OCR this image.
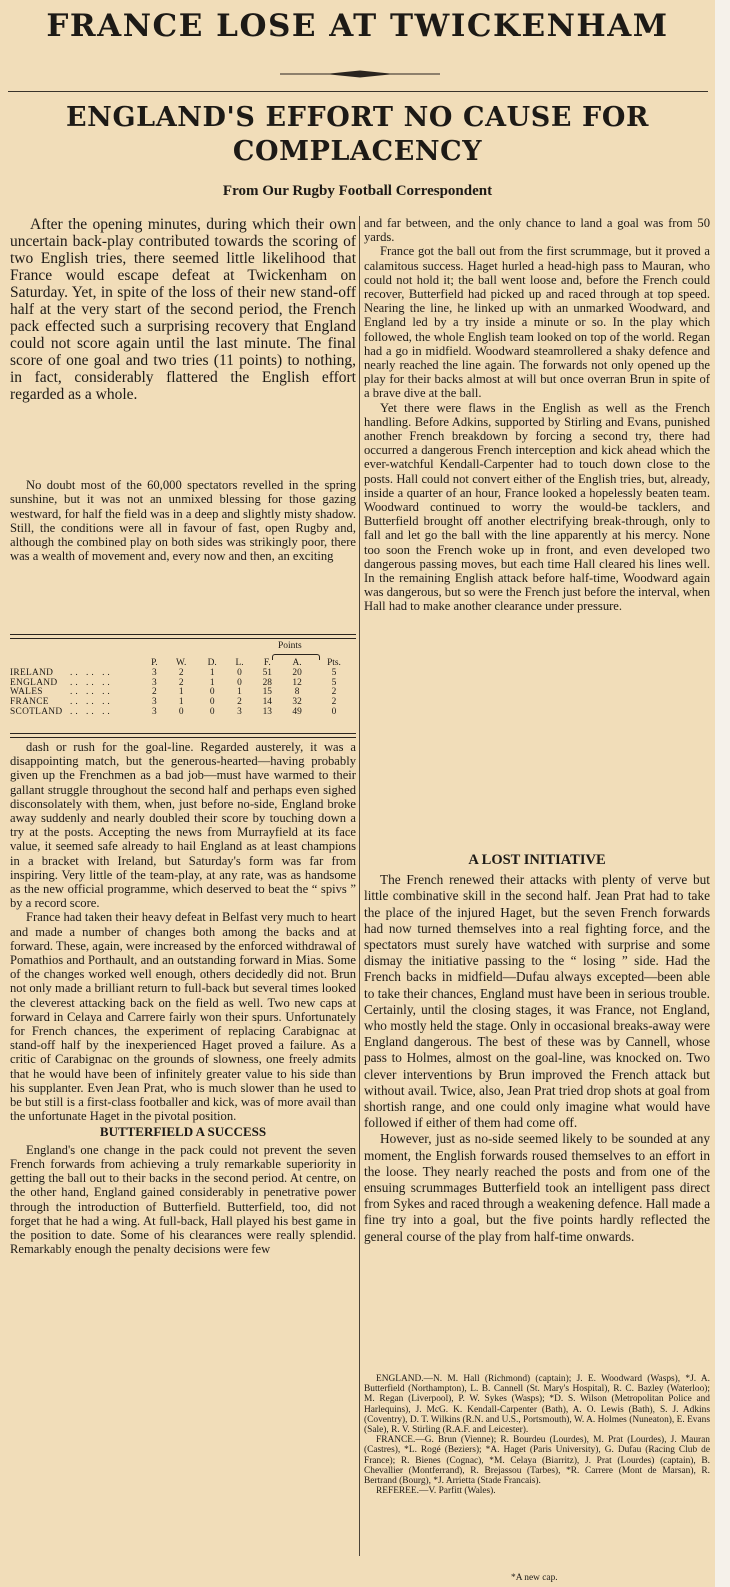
FRANCE LOSE AT TWICKENHAM
ENGLAND'S EFFORT NO CAUSE FOR
COMPLACENCY
From Our Rugby Football Correspondent

After the opening minutes, during which their own uncertain back-play contributed towards the scoring of two English tries, there seemed little likelihood that France would escape defeat at Twickenham on Saturday. Yet, in spite of the loss of their new stand-off half at the very start of the second period, the French pack effected such a surprising recovery that England could not score again until the last minute. The final score of one goal and two tries (11 points) to nothing, in fact, considerably flattered the English effort regarded as a whole.

No doubt most of the 60,000 spectators revelled in the spring sunshine, but it was not an unmixed blessing for those gazing westward, for half the field was in a deep and slightly misty shadow. Still, the conditions were all in favour of fast, open Rugby and, although the combined play on both sides was strikingly poor, there was a wealth of movement and, every now and then, an exciting

Points
		P.	W.	D.	L.	F.	A.	Pts.
IRELAND	.. .. ..	3	2	1	0	51	20	5
ENGLAND	.. .. ..	3	2	1	0	28	12	5
WALES	.. .. ..	2	1	0	1	15	8	2
FRANCE	.. .. ..	3	1	0	2	14	32	2
SCOTLAND	.. .. ..	3	0	0	3	13	49	0

dash or rush for the goal-line. Regarded austerely, it was a disappointing match, but the generous-hearted—having probably given up the Frenchmen as a bad job—must have warmed to their gallant struggle throughout the second half and perhaps even sighed disconsolately with them, when, just before no-side, England broke away suddenly and nearly doubled their score by touching down a try at the posts. Accepting the news from Murrayfield at its face value, it seemed safe already to hail England as at least champions in a bracket with Ireland, but Saturday's form was far from inspiring. Very little of the team-play, at any rate, was as handsome as the new official programme, which deserved to beat the “ spivs ” by a record score.

France had taken their heavy defeat in Belfast very much to heart and made a number of changes both among the backs and at forward. These, again, were increased by the enforced withdrawal of Pomathios and Porthault, and an outstanding forward in Mias. Some of the changes worked well enough, others decidedly did not. Brun not only made a brilliant return to full-back but several times looked the cleverest attacking back on the field as well. Two new caps at forward in Celaya and Carrere fairly won their spurs. Unfortunately for French chances, the experiment of replacing Carabignac at stand-off half by the inexperienced Haget proved a failure. As a critic of Carabignac on the grounds of slowness, one freely admits that he would have been of infinitely greater value to his side than his supplanter. Even Jean Prat, who is much slower than he used to be but still is a first-class footballer and kick, was of more avail than the unfortunate Haget in the pivotal position.

BUTTERFIELD A SUCCESS

England's one change in the pack could not prevent the seven French forwards from achieving a truly remarkable superiority in getting the ball out to their backs in the second period. At centre, on the other hand, England gained considerably in penetrative power through the introduction of Butterfield. Butterfield, too, did not forget that he had a wing. At full-back, Hall played his best game in the position to date. Some of his clearances were really splendid. Remarkably enough the penalty decisions were few

and far between, and the only chance to land a goal was from 50 yards.

France got the ball out from the first scrummage, but it proved a calamitous success. Haget hurled a head-high pass to Mauran, who could not hold it; the ball went loose and, before the French could recover, Butterfield had picked up and raced through at top speed. Nearing the line, he linked up with an unmarked Woodward, and England led by a try inside a minute or so. In the play which followed, the whole English team looked on top of the world. Regan had a go in midfield. Woodward steamrollered a shaky defence and nearly reached the line again. The forwards not only opened up the play for their backs almost at will but once overran Brun in spite of a brave dive at the ball.

Yet there were flaws in the English as well as the French handling. Before Adkins, supported by Stirling and Evans, punished another French breakdown by forcing a second try, there had occurred a dangerous French interception and kick ahead which the ever-watchful Kendall-Carpenter had to touch down close to the posts. Hall could not convert either of the English tries, but, already, inside a quarter of an hour, France looked a hopelessly beaten team. Woodward continued to worry the would-be tacklers, and Butterfield brought off another electrifying break-through, only to fall and let go the ball with the line apparently at his mercy. None too soon the French woke up in front, and even developed two dangerous passing moves, but each time Hall cleared his lines well. In the remaining English attack before half-time, Woodward again was dangerous, but so were the French just before the interval, when Hall had to make another clearance under pressure.

A LOST INITIATIVE

The French renewed their attacks with plenty of verve but little combinative skill in the second half. Jean Prat had to take the place of the injured Haget, but the seven French forwards had now turned themselves into a real fighting force, and the spectators must surely have watched with surprise and some dismay the initiative passing to the “ losing ” side. Had the French backs in midfield—Dufau always excepted—been able to take their chances, England must have been in serious trouble. Certainly, until the closing stages, it was France, not England, who mostly held the stage. Only in occasional breaks-away were England dangerous. The best of these was by Cannell, whose pass to Holmes, almost on the goal-line, was knocked on. Two clever interventions by Brun improved the French attack but without avail. Twice, also, Jean Prat tried drop shots at goal from shortish range, and one could only imagine what would have followed if either of them had come off.

However, just as no-side seemed likely to be sounded at any moment, the English forwards roused themselves to an effort in the loose. They nearly reached the posts and from one of the ensuing scrummages Butterfield took an intelligent pass direct from Sykes and raced through a weakening defence. Hall made a fine try into a goal, but the five points hardly reflected the general course of the play from half-time onwards.

ENGLAND.—N. M. Hall (Richmond) (captain); J. E. Woodward (Wasps), *J. A. Butterfield (Northampton), L. B. Cannell (St. Mary's Hospital), R. C. Bazley (Waterloo); M. Regan (Liverpool), P. W. Sykes (Wasps); *D. S. Wilson (Metropolitan Police and Harlequins), J. McG. K. Kendall-Carpenter (Bath), A. O. Lewis (Bath), S. J. Adkins (Coventry), D. T. Wilkins (R.N. and U.S., Portsmouth), W. A. Holmes (Nuneaton), E. Evans (Sale), R. V. Stirling (R.A.F. and Leicester).

FRANCE.—G. Brun (Vienne); R. Bourdeu (Lourdes), M. Prat (Lourdes), J. Mauran (Castres), *L. Rogé (Beziers); *A. Haget (Paris University), G. Dufau (Racing Club de France); R. Bienes (Cognac), *M. Celaya (Biarritz), J. Prat (Lourdes) (captain), B. Chevallier (Montferrand), R. Brejassou (Tarbes), *R. Carrere (Mont de Marsan), R. Bertrand (Bourg), *J. Arrietta (Stade Francais).

REFEREE.—V. Parfitt (Wales).

*A new cap.
